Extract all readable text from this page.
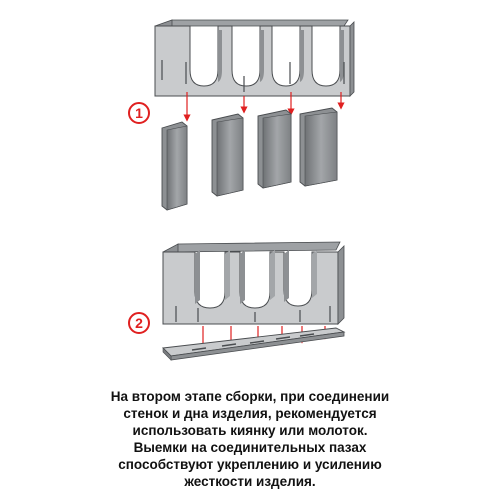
1
2
На втором этапе сборки, при соединении
стенок и дна изделия, рекомендуется
использовать киянку или молоток.
Выемки на соединительных пазах
способствуют укреплению и усилению
жесткости изделия.
